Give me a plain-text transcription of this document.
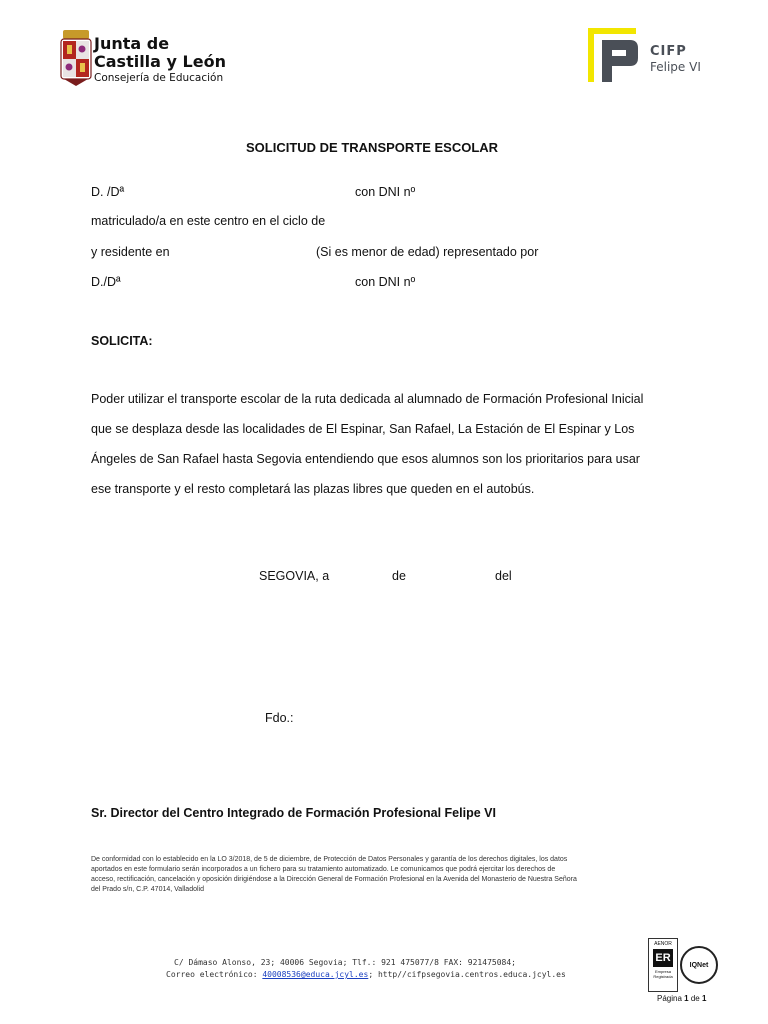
Junta de
Castilla y León
Consejería de Educación
CIFP
Felipe VI
SOLICITUD DE TRANSPORTE ESCOLAR
D. /Dª	con DNI nº
matriculado/a en este centro en el ciclo de
y residente en	(Si es menor de edad) representado por
D./Dª	con DNI nº
SOLICITA:
Poder utilizar el transporte escolar de la ruta dedicada al alumnado de Formación Profesional Inicial
que se desplaza desde las localidades de El Espinar, San Rafael, La Estación de El Espinar y Los
Ángeles de San Rafael hasta Segovia entendiendo que esos alumnos son los prioritarios para usar
ese transporte y el resto completará las plazas libres que queden en el autobús.
SEGOVIA, a	de	del
Fdo.:
Sr. Director del Centro Integrado de Formación Profesional Felipe VI
De conformidad con lo establecido en la LO 3/2018, de 5 de diciembre, de Protección de Datos Personales y garantía de los derechos digitales, los datos
aportados en este formulario serán incorporados a un fichero para su tratamiento automatizado. Le comunicamos que podrá ejercitar los derechos de
acceso, rectificación, cancelación y oposición dirigiéndose a la Dirección General de Formación Profesional en la Avenida del Monasterio de Nuestra Señora
del Prado s/n, C.P. 47014, Valladolid
C/ Dámaso Alonso, 23; 40006 Segovia; Tlf.: 921 475077/8 FAX: 921475084;
Correo electrónico: 40008536@educa.jcyl.es; http//cifpsegovia.centros.educa.jcyl.es
AENOR
ER
Empresa Registrada
IQNet
Página 1 de 1
